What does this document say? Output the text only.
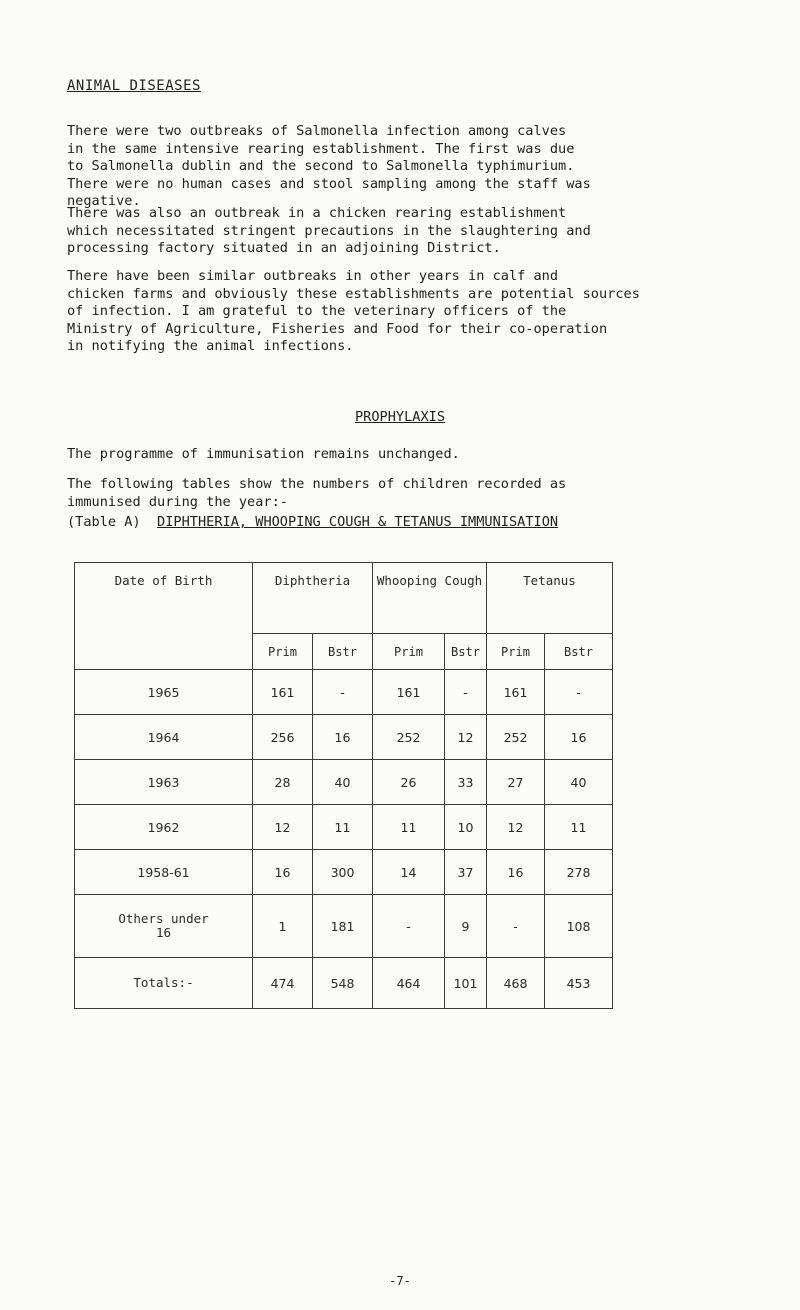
ANIMAL DISEASES

There were two outbreaks of Salmonella infection among calves
in the same intensive rearing establishment. The first was due
to Salmonella dublin and the second to Salmonella typhimurium.
There were no human cases and stool sampling among the staff was
negative.

There was also an outbreak in a chicken rearing establishment
which necessitated stringent precautions in the slaughtering and
processing factory situated in an adjoining District.

There have been similar outbreaks in other years in calf and
chicken farms and obviously these establishments are potential sources
of infection. I am grateful to the veterinary officers of the
Ministry of Agriculture, Fisheries and Food for their co-operation
in notifying the animal infections.

PROPHYLAXIS

The programme of immunisation remains unchanged.

The following tables show the numbers of children recorded as
immunised during the year:-

(Table A) DIPHTHERIA, WHOOPING COUGH & TETANUS IMMUNISATION
Date of Birth	Diphtheria		Whooping Cough		Tetanus	
	Prim	Bstr	Prim	Bstr	Prim	Bstr
1965	161	-	161	-	161	-
1964	256	16	252	12	252	16
1963	28	40	26	33	27	40
1962	12	11	11	10	12	11
1958-61	16	300	14	37	16	278
Others under
16	1	181	-	9	-	108
Totals:-	474	548	464	101	468	453
-7-
